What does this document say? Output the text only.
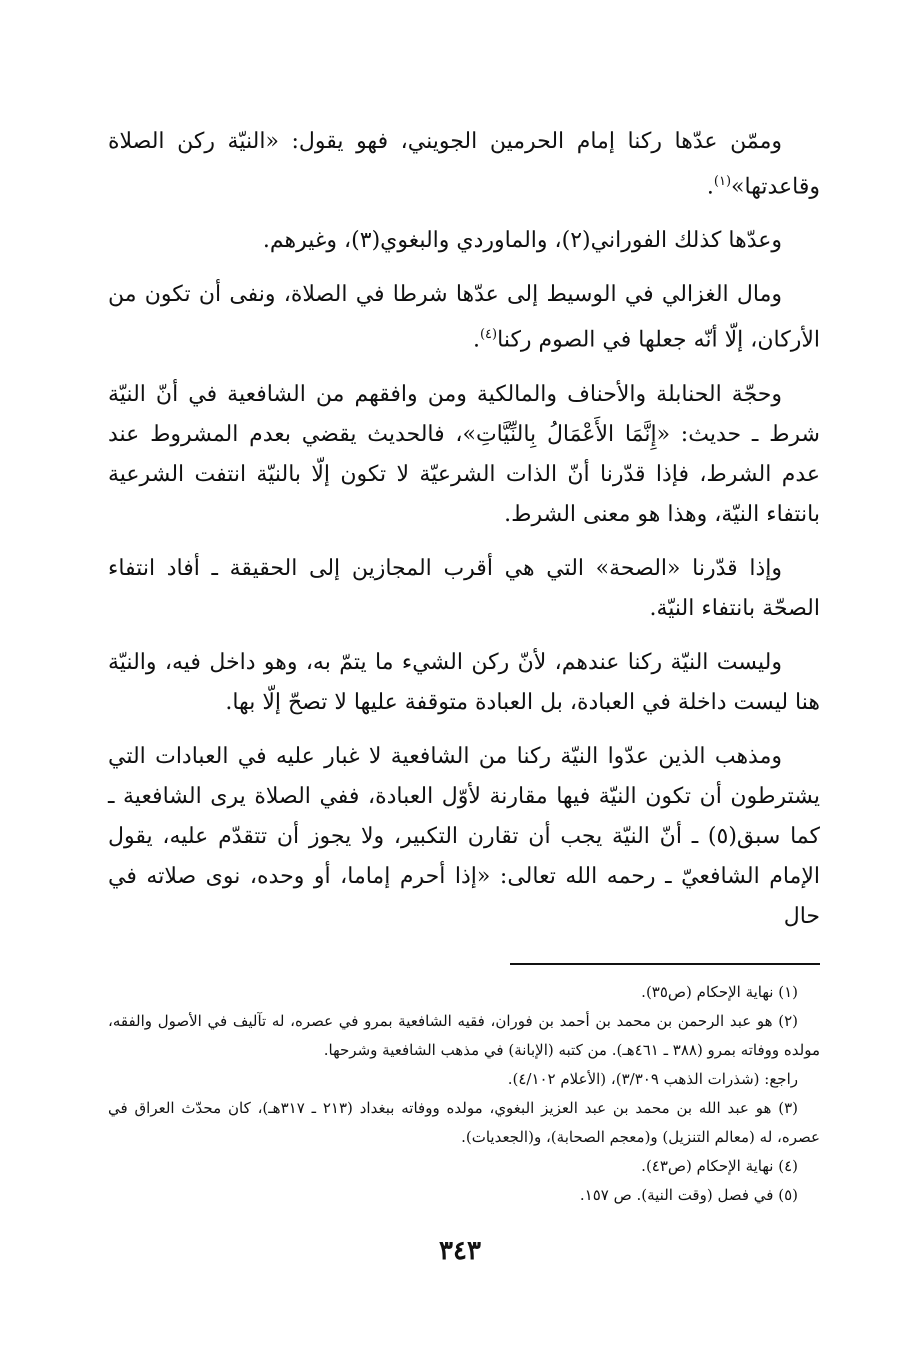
وممّن عدّها ركنا إمام الحرمين الجويني، فهو يقول: «النيّة ركن الصلاة وقاعدتها»$^{(١)}$.

وعدّها كذلك الفوراني(٢)، والماوردي والبغوي(٣)، وغيرهم.

ومال الغزالي في الوسيط إلى عدّها شرطا في الصلاة، ونفى أن تكون من الأركان، إلّا أنّه جعلها في الصوم ركنا$^{(٤)}$.

وحجّة الحنابلة والأحناف والمالكية ومن وافقهم من الشافعية في أنّ النيّة شرط ـ حديث: «إِنَّمَا الأَعْمَالُ بِالنِّيَّاتِ»، فالحديث يقضي بعدم المشروط عند عدم الشرط، فإذا قدّرنا أنّ الذات الشرعيّة لا تكون إلّا بالنيّة انتفت الشرعية بانتفاء النيّة، وهذا هو معنى الشرط.

وإذا قدّرنا «الصحة» التي هي أقرب المجازين إلى الحقيقة ـ أفاد انتفاء الصحّة بانتفاء النيّة.

وليست النيّة ركنا عندهم، لأنّ ركن الشيء ما يتمّ به، وهو داخل فيه، والنيّة هنا ليست داخلة في العبادة، بل العبادة متوقفة عليها لا تصحّ إلّا بها.

ومذهب الذين عدّوا النيّة ركنا من الشافعية لا غبار عليه في العبادات التي يشترطون أن تكون النيّة فيها مقارنة لأوّل العبادة، ففي الصلاة يرى الشافعية ـ كما سبق(٥) ـ أنّ النيّة يجب أن تقارن التكبير، ولا يجوز أن تتقدّم عليه، يقول الإمام الشافعيّ ـ رحمه الله تعالى: «إذا أحرم إماما، أو وحده، نوى صلاته في حال

(١) نهاية الإحكام (ص٣٥).

(٢) هو عبد الرحمن بن محمد بن أحمد بن فوران، فقيه الشافعية بمرو في عصره، له تآليف في الأصول والفقه، مولده ووفاته بمرو (٣٨٨ ـ ٤٦١هـ). من كتبه (الإبانة) في مذهب الشافعية وشرحها.

راجع: (شذرات الذهب ٣/٣٠٩)، (الأعلام ٤/١٠٢).

(٣) هو عبد الله بن محمد بن عبد العزيز البغوي، مولده ووفاته ببغداد (٢١٣ ـ ٣١٧هـ)، كان محدّث العراق في عصره، له (معالم التنزيل) و(معجم الصحابة)، و(الجعديات).

(٤) نهاية الإحكام (ص٤٣).

(٥) في فصل (وقت النية). ص ١٥٧.

٣٤٣
